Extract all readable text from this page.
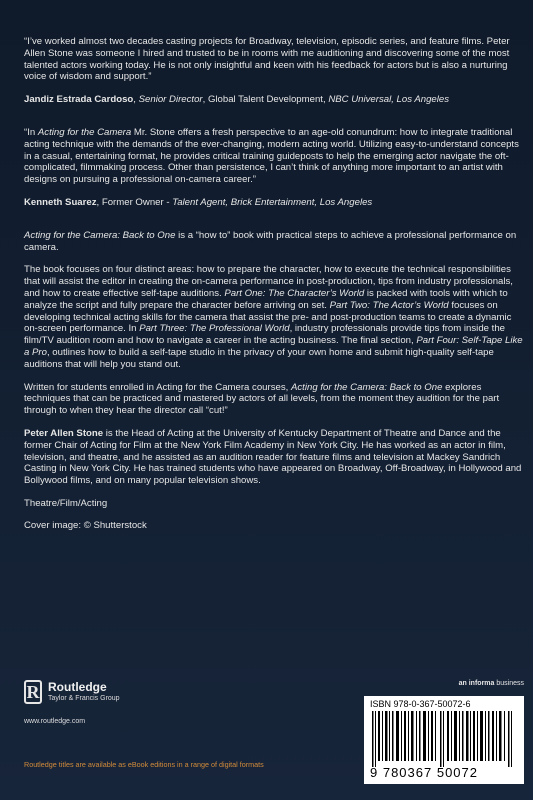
“I’ve worked almost two decades casting projects for Broadway, television, episodic series, and feature films. Peter Allen Stone was someone I hired and trusted to be in rooms with me auditioning and discovering some of the most talented actors working today. He is not only insightful and keen with his feedback for actors but is also a nurturing voice of wisdom and support.”

Jandiz Estrada Cardoso, Senior Director, Global Talent Development, NBC Universal, Los Angeles

“In Acting for the Camera Mr. Stone offers a fresh perspective to an age-old conundrum: how to integrate traditional acting technique with the demands of the ever-changing, modern acting world. Utilizing easy-to-understand concepts in a casual, entertaining format, he provides critical training guideposts to help the emerging actor navigate the oft-complicated, filmmaking process. Other than persistence, I can’t think of anything more important to an artist with designs on pursuing a professional on-camera career.”

Kenneth Suarez, Former Owner - Talent Agent, Brick Entertainment, Los Angeles

Acting for the Camera: Back to One is a “how to” book with practical steps to achieve a professional performance on camera.

The book focuses on four distinct areas: how to prepare the character, how to execute the technical responsibilities that will assist the editor in creating the on-camera performance in post-production, tips from industry professionals, and how to create effective self-tape auditions. Part One: The Character’s World is packed with tools with which to analyze the script and fully prepare the character before arriving on set. Part Two: The Actor’s World focuses on developing technical acting skills for the camera that assist the pre- and post-production teams to create a dynamic on-screen performance. In Part Three: The Professional World, industry professionals provide tips from inside the film/TV audition room and how to navigate a career in the acting business. The final section, Part Four: Self-Tape Like a Pro, outlines how to build a self-tape studio in the privacy of your own home and submit high-quality self-tape auditions that will help you stand out.

Written for students enrolled in Acting for the Camera courses, Acting for the Camera: Back to One explores techniques that can be practiced and mastered by actors of all levels, from the moment they audition for the part through to when they hear the director call “cut!”

Peter Allen Stone is the Head of Acting at the University of Kentucky Department of Theatre and Dance and the former Chair of Acting for Film at the New York Film Academy in New York City. He has worked as an actor in film, television, and theatre, and he assisted as an audition reader for feature films and television at Mackey Sandrich Casting in New York City. He has trained students who have appeared on Broadway, Off-Broadway, in Hollywood and Bollywood films, and on many popular television shows.

Theatre/Film/Acting

Cover image: © Shutterstock

R Routledge
Taylor & Francis Group
www.routledge.com
Routledge titles are available as eBook editions in a range of digital formats
an informa business
ISBN 978-0-367-50072-6
9 780367 50072
